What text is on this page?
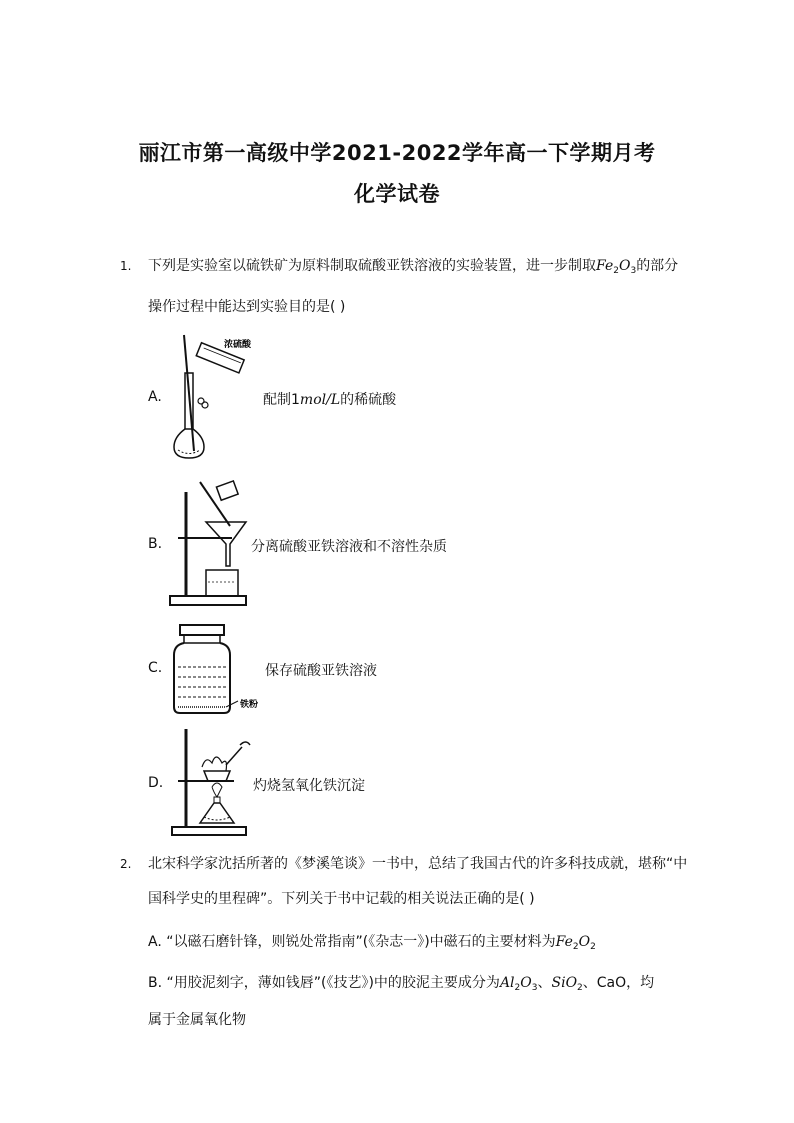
丽江市第一高级中学2021-2022学年高一下学期月考
化学试卷
1. 下列是实验室以硫铁矿为原料制取硫酸亚铁溶液的实验装置，进一步制取$Fe_2O_3$的部分
操作过程中能达到实验目的是( )
A.
浓硫酸
配制1mol/L的稀硫酸
B.	分离硫酸亚铁溶液和不溶性杂质
C.
铁粉
保存硫酸亚铁溶液
D.	灼烧氢氧化铁沉淀
2. 北宋科学家沈括所著的《梦溪笔谈》一书中，总结了我国古代的许多科技成就，堪称“中
国科学史的里程碑”。下列关于书中记载的相关说法正确的是( )
A. “以磁石磨针锋，则锐处常指南”(《杂志一》)中磁石的主要材料为$Fe_2O_2$
B. “用胶泥刻字，薄如钱唇”(《技艺》)中的胶泥主要成分为$Al_2O_3$、SiO$_2$、CaO，均
属于金属氧化物
